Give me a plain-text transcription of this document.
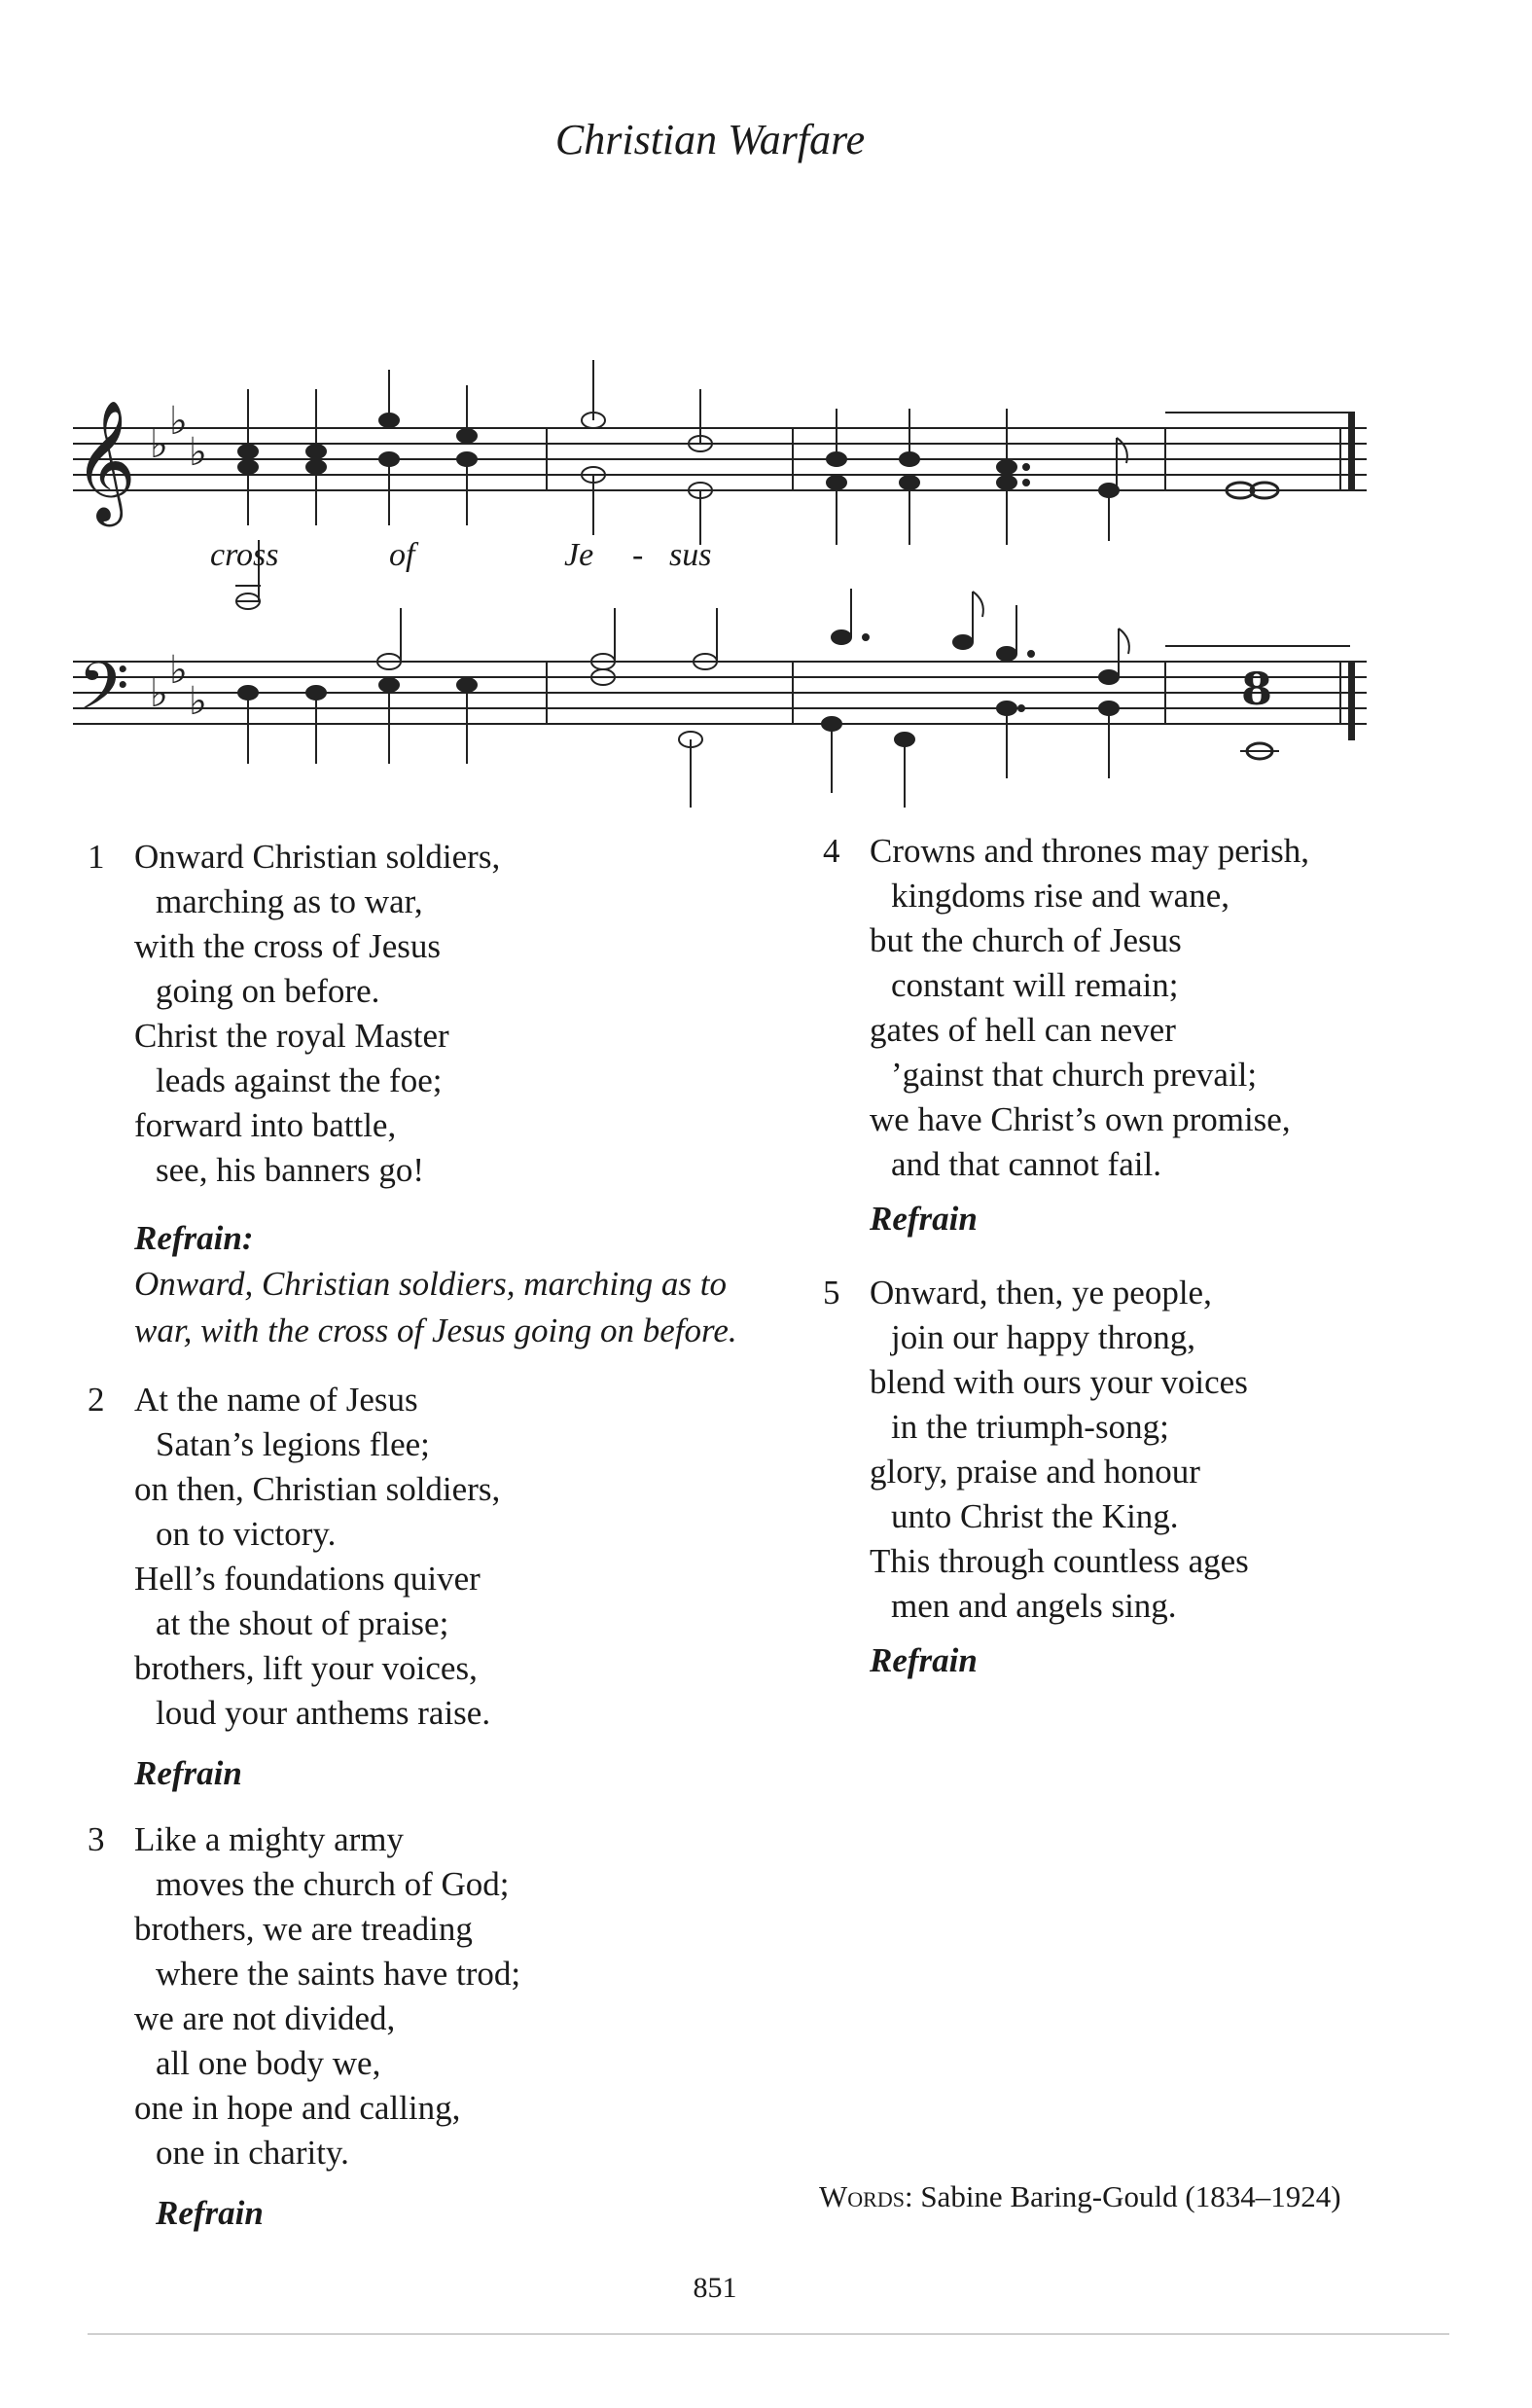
Christian Warfare
𝄞
𝄢
♭
♭
♭
♭
♭
♭	8
cross	of	Je - sus
1 Onward Christian soldiers,
marching as to war,
with the cross of Jesus
going on before.
Christ the royal Master
leads against the foe;
forward into battle,
see, his banners go!
Refrain:
Onward, Christian soldiers, marching as to
war, with the cross of Jesus going on before.
2 At the name of Jesus
Satan’s legions flee;
on then, Christian soldiers,
on to victory.
Hell’s foundations quiver
at the shout of praise;
brothers, lift your voices,
loud your anthems raise.
Refrain
3 Like a mighty army
moves the church of God;
brothers, we are treading
where the saints have trod;
we are not divided,
all one body we,
one in hope and calling,
one in charity.
Refrain
4 Crowns and thrones may perish,
kingdoms rise and wane,
but the church of Jesus
constant will remain;
gates of hell can never
’gainst that church prevail;
we have Christ’s own promise,
and that cannot fail.
Refrain
5 Onward, then, ye people,
join our happy throng,
blend with ours your voices
in the triumph-song;
glory, praise and honour
unto Christ the King.
This through countless ages
men and angels sing.
Refrain
Words: Sabine Baring-Gould (1834–1924)
851
